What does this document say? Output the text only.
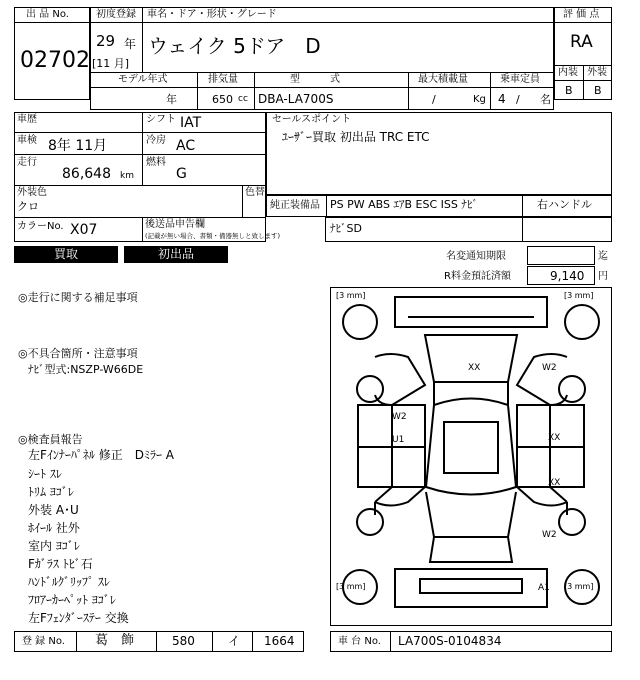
出 品 No.
02702
初度登録 車名・ドア・形状・グレード
29 年
[11 月]
ウェイク 5ドア　D
モデル年式	排気量	型　　　式	最大積載量	乗車定員
年	650 cc DBA-LA700S	/	Kg 4 / 名
評 価 点
RA
内装 外装
B B
車歴	シフト IAT
車検 8年 11月	冷房 AC
走行
86,648 km
燃料
G
外装色
クロ
色替
カラーNo. X07	後送品申告欄
(記載が無い場合、書類・備器無しと致します)
セールスポイント
ﾕｰｻﾞｰ買取 初出品 TRC ETC
純正装備品 PS PW ABS ｴｱB ESC ISS ﾅﾋﾞ	右ハンドル
ﾅﾋﾞSD
買取	初出品	名変通知期限	迄
R料金預託済額	9,140 円
◎走行に関する補足事項
◎不具合箇所・注意事項
ﾅﾋﾞ型式:NSZP-W66DE
◎検査員報告
左Fｲﾝﾅｰﾊﾟﾈﾙ 修正　Dﾐﾗｰ A
ｼｰﾄ ｽﾚ
ﾄﾘﾑ ﾖｺﾞﾚ
外装 A･U
ﾎｲｰﾙ 社外
室内 ﾖｺﾞﾚ
Fｶﾞﾗｽ ﾄﾋﾞ石
ﾊﾝﾄﾞﾙｸﾞﾘｯﾌﾟ ｽﾚ
ﾌﾛｱｰｶｰﾍﾟｯﾄ ﾖｺﾞﾚ
左Fﾌｪﾝﾀﾞｰｽﾃｰ 交換
[3 mm]	[3 mm]
[3 mm]	[3 mm]
XX	W2
W2
U1	XX
XX
W2
A1
登 録 No. 葛　飾	580	イ 1664	車 台 No. LA700S-0104834
